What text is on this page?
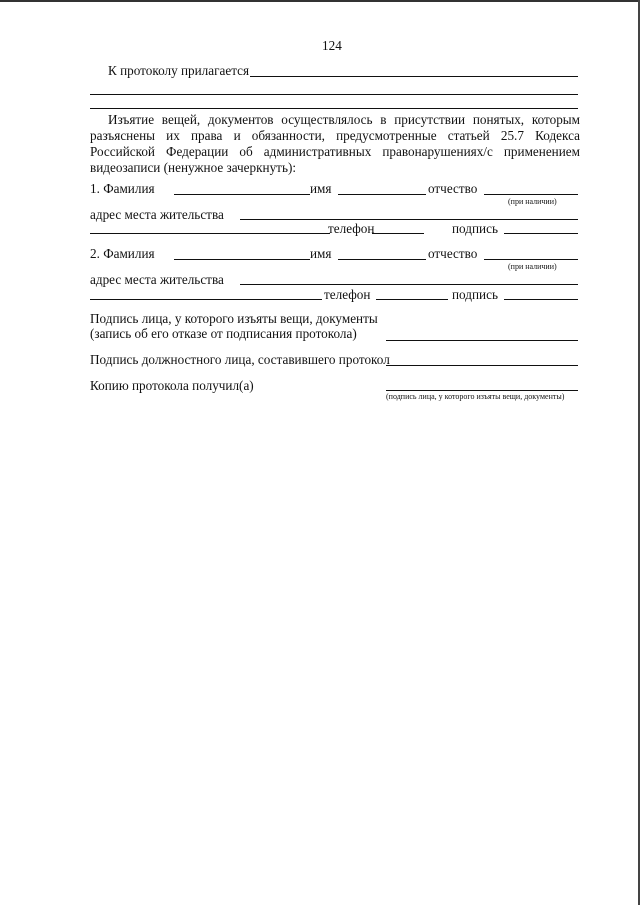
124
К протоколу прилагается
Изъятие вещей, документов осуществлялось в присутствии понятых, которым разъяснены их права и обязанности, предусмотренные статьей 25.7 Кодекса Российской Федерации об административных правонарушениях/с применением видеозаписи (ненужное зачеркнуть):
1. Фамилия	имя	отчество
(при наличии)
адрес места жительства
телефон	подпись
2. Фамилия	имя	отчество
(при наличии)
адрес места жительства
телефон	подпись
Подпись лица, у которого изъяты вещи, документы
(запись об его отказе от подписания протокола)
Подпись должностного лица, составившего протокол
Копию протокола получил(а)
(подпись лица, у которого изъяты вещи, документы)
